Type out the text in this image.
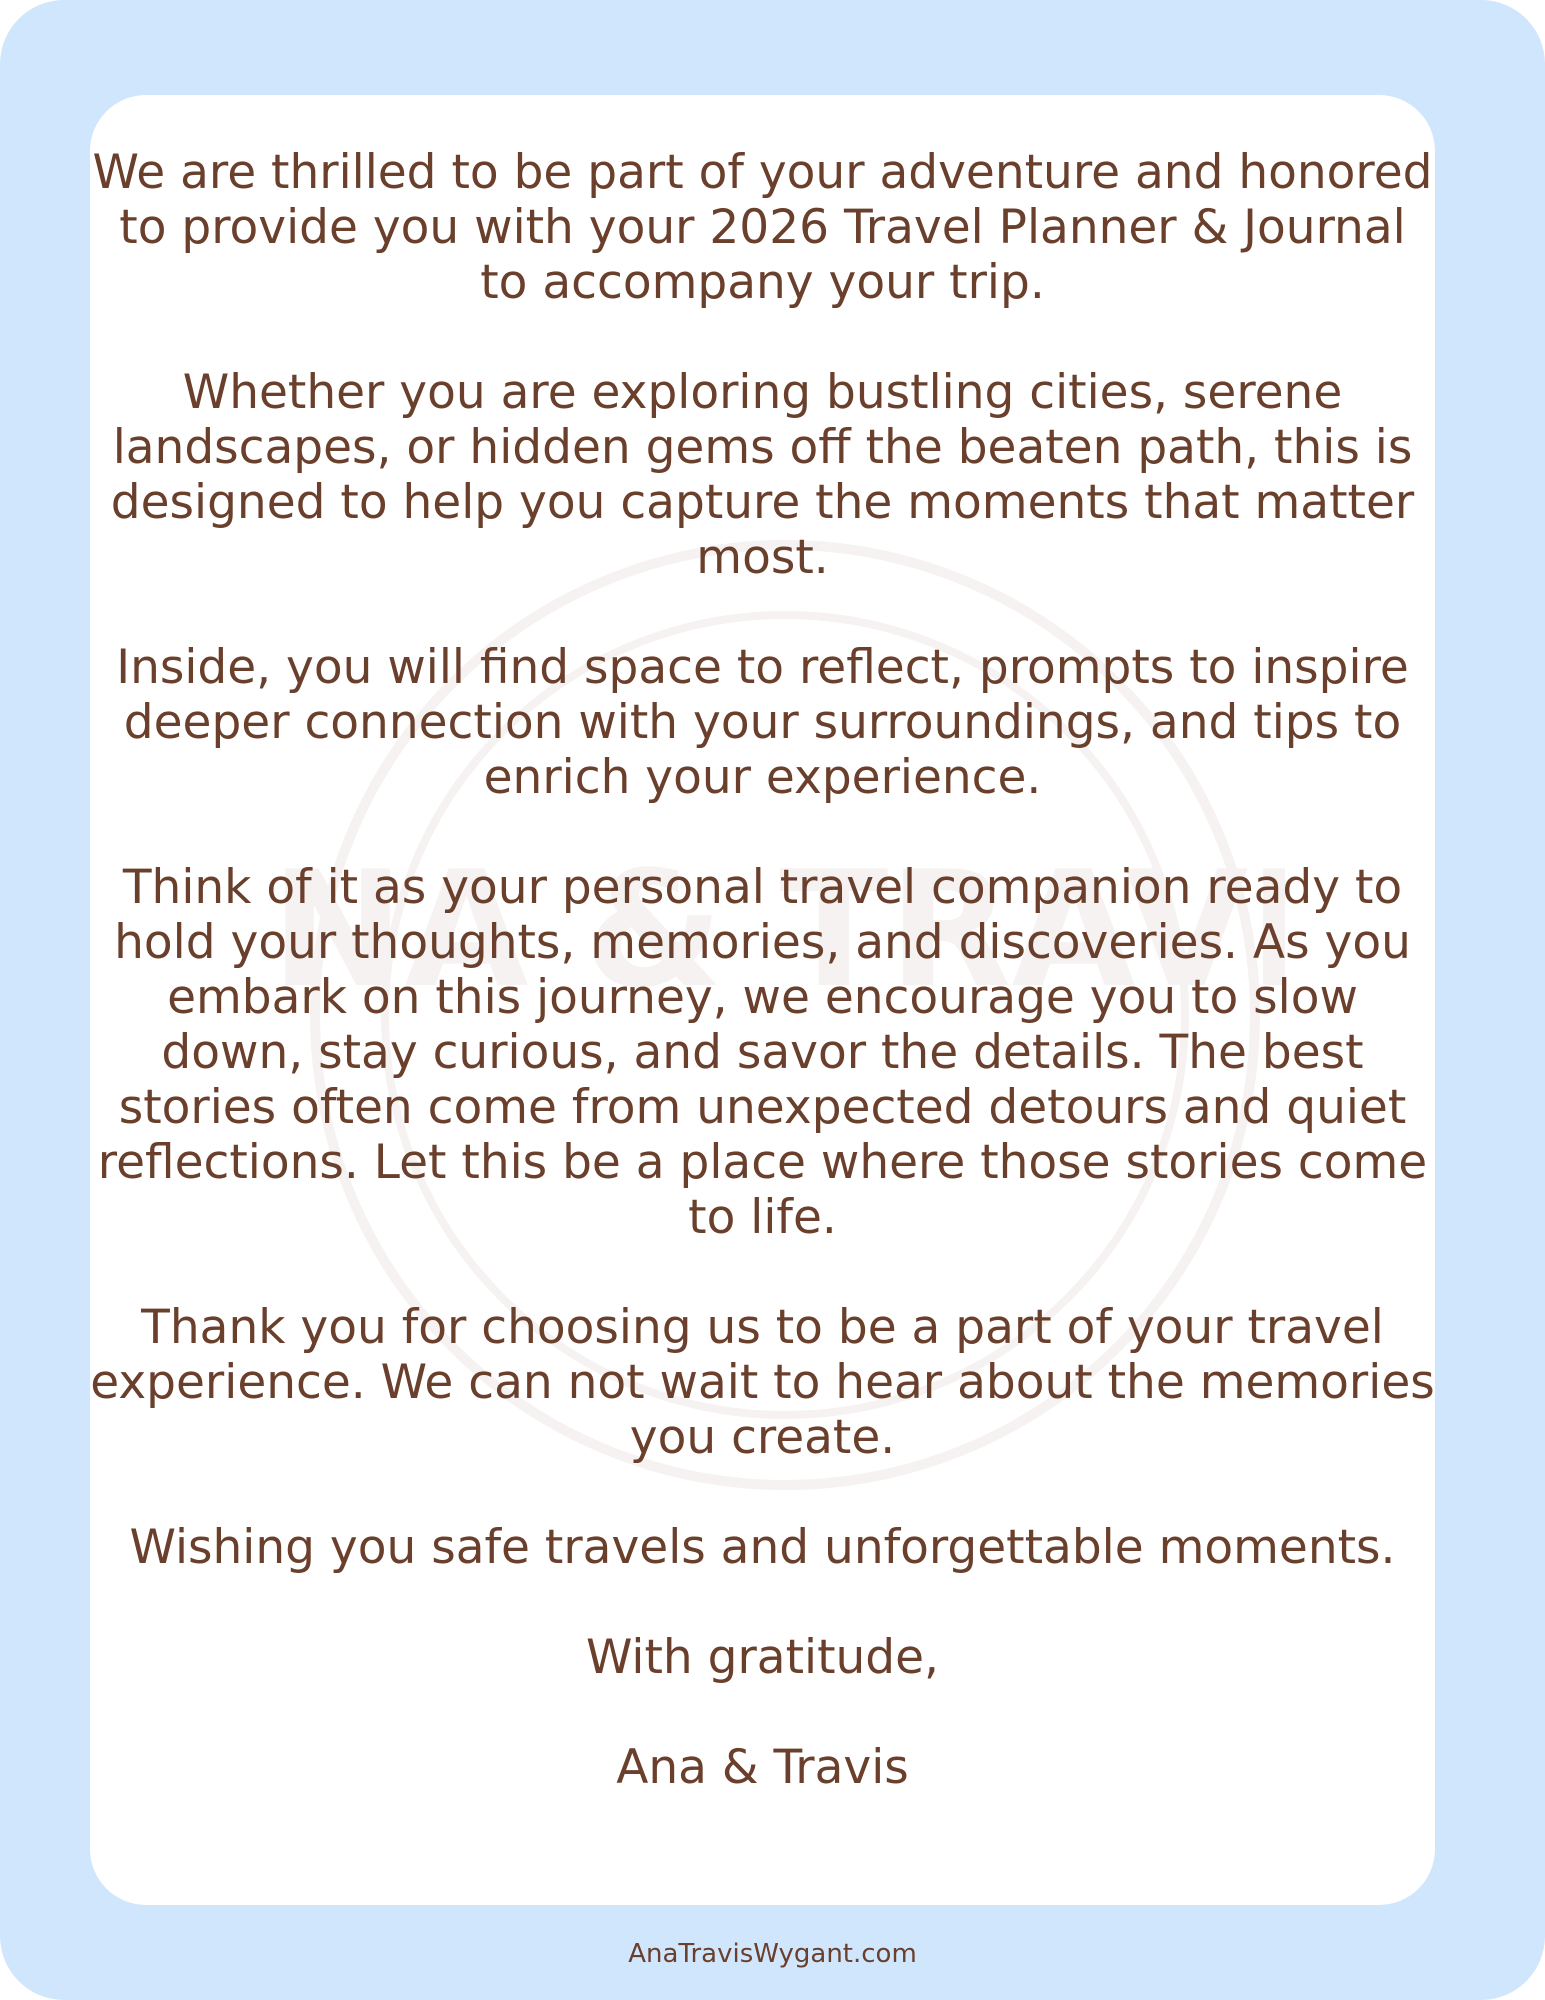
NA & TRAVI

We are thrilled to be part of your adventure and honored to provide you with your 2026 Travel Planner & Journal to accompany your trip.

Whether you are exploring bustling cities, serene landscapes, or hidden gems off the beaten path, this is designed to help you capture the moments that matter most.

Inside, you will find space to reflect, prompts to inspire deeper connection with your surroundings, and tips to enrich your experience.

Think of it as your personal travel companion ready to hold your thoughts, memories, and discoveries. As you embark on this journey, we encourage you to slow down, stay curious, and savor the details. The best stories often come from unexpected detours and quiet reflections. Let this be a place where those stories come to life.

Thank you for choosing us to be a part of your travel experience. We can not wait to hear about the memories you create.

Wishing you safe travels and unforgettable moments.

With gratitude,

Ana & Travis

AnaTravisWygant.com
